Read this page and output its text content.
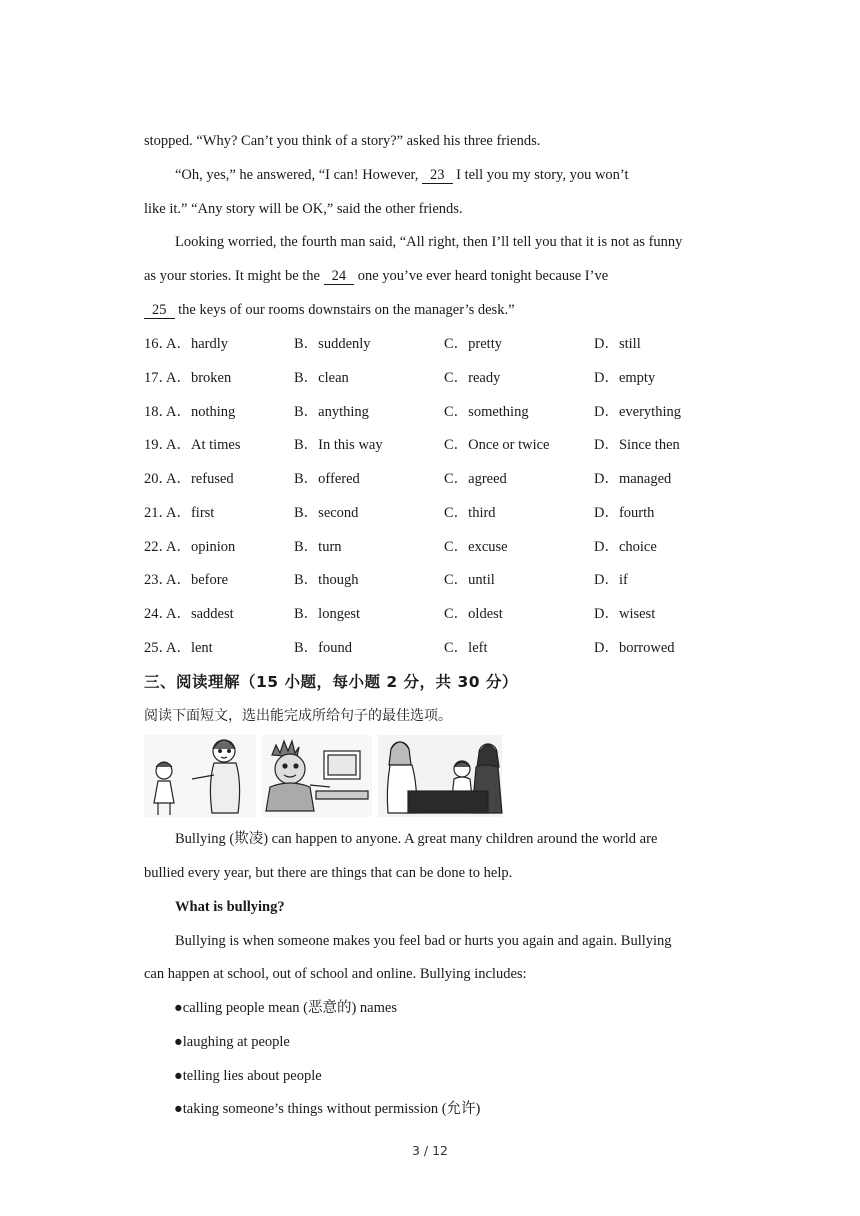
stopped. “Why? Can’t you think of a story?” asked his three friends.
“Oh, yes,” he answered, “I can! However, 23 I tell you my story, you won’t
like it.” “Any story will be OK,” said the other friends.
Looking worried, the fourth man said, “All right, then I’ll tell you that it is not as funny
as your stories. It might be the 24 one you’ve ever heard tonight because I’ve
25 the keys of our rooms downstairs on the manager’s desk.”
16．
A．hardly	B．suddenly	C．pretty	D．still
17．
A．broken	B．clean	C．ready	D．empty
18．
A．nothing	B．anything	C．something	D．everything
19．
A．At times	B．In this way	C．Once or twice	D．Since then
20．
A．refused	B．offered	C．agreed	D．managed
21．
A．first	B．second	C．third	D．fourth
22．
A．opinion	B．turn	C．excuse	D．choice
23．
A．before	B．though	C．until	D．if
24．
A．saddest	B．longest	C．oldest	D．wisest
25．
A．lent	B．found	C．left	D．borrowed
三、阅读理解（15 小题，每小题 2 分，共 30 分）
阅读下面短文，选出能完成所给句子的最佳选项。
Bullying (欺凌) can happen to anyone. A great many children around the world are
bullied every year, but there are things that can be done to help.
What is bullying?
Bullying is when someone makes you feel bad or hurts you again and again. Bullying
can happen at school, out of school and online. Bullying includes:
●calling people mean (恶意的) names
●laughing at people
●telling lies about people
●taking someone’s things without permission (允许)
3 / 12
